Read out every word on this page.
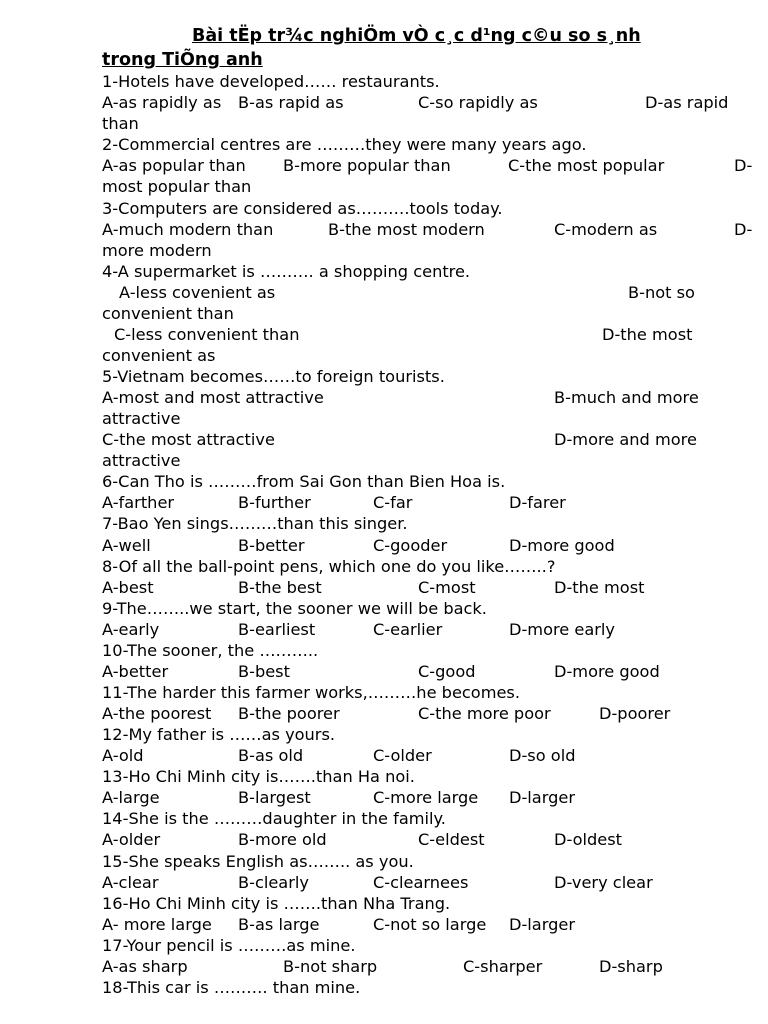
Bài tËp tr¾c nghiÖm vÒ c¸c d¹ng c©u so s¸nh
trong TiÕng anh
1-Hotels have developed…… restaurants.
A-as rapidly as B-as rapid as	C-so rapidly as	D-as rapid
than
2-Commercial centres are ………they were many years ago.
A-as popular than B-more popular than	C-the most popular	D-
most popular than
3-Computers are considered as……….tools today.
A-much modern than	B-the most modern	C-modern as	D-
more modern
4-A supermarket is ………. a shopping centre.
A-less covenient as	B-not so
convenient than
C-less convenient than	D-the most
convenient as
5-Vietnam becomes……to foreign tourists.
A-most and most attractive	B-much and more
attractive
C-the most attractive	D-more and more
attractive
6-Can Tho is ………from Sai Gon than Bien Hoa is.
A-farther	B-further	C-far	D-farer
7-Bao Yen sings………than this singer.
A-well	B-better	C-gooder	D-more good
8-Of all the ball-point pens, which one do you like……..?
A-best	B-the best	C-most	D-the most
9-The……..we start, the sooner we will be back.
A-early	B-earliest	C-earlier	D-more early
10-The sooner, the ………..
A-better	B-best	C-good	D-more good
11-The harder this farmer works,………he becomes.
A-the poorest B-the poorer	C-the more poor	D-poorer
12-My father is ……as yours.
A-old	B-as old	C-older	D-so old
13-Ho Chi Minh city is…….than Ha noi.
A-large	B-largest	C-more large D-larger
14-She is the ………daughter in the family.
A-older	B-more old	C-eldest	D-oldest
15-She speaks English as…….. as you.
A-clear	B-clearly	C-clearnees	D-very clear
16-Ho Chi Minh city is …….than Nha Trang.
A- more large B-as large	C-not so large D-larger
17-Your pencil is ………as mine.
A-as sharp	B-not sharp	C-sharper	D-sharp
18-This car is ………. than mine.
